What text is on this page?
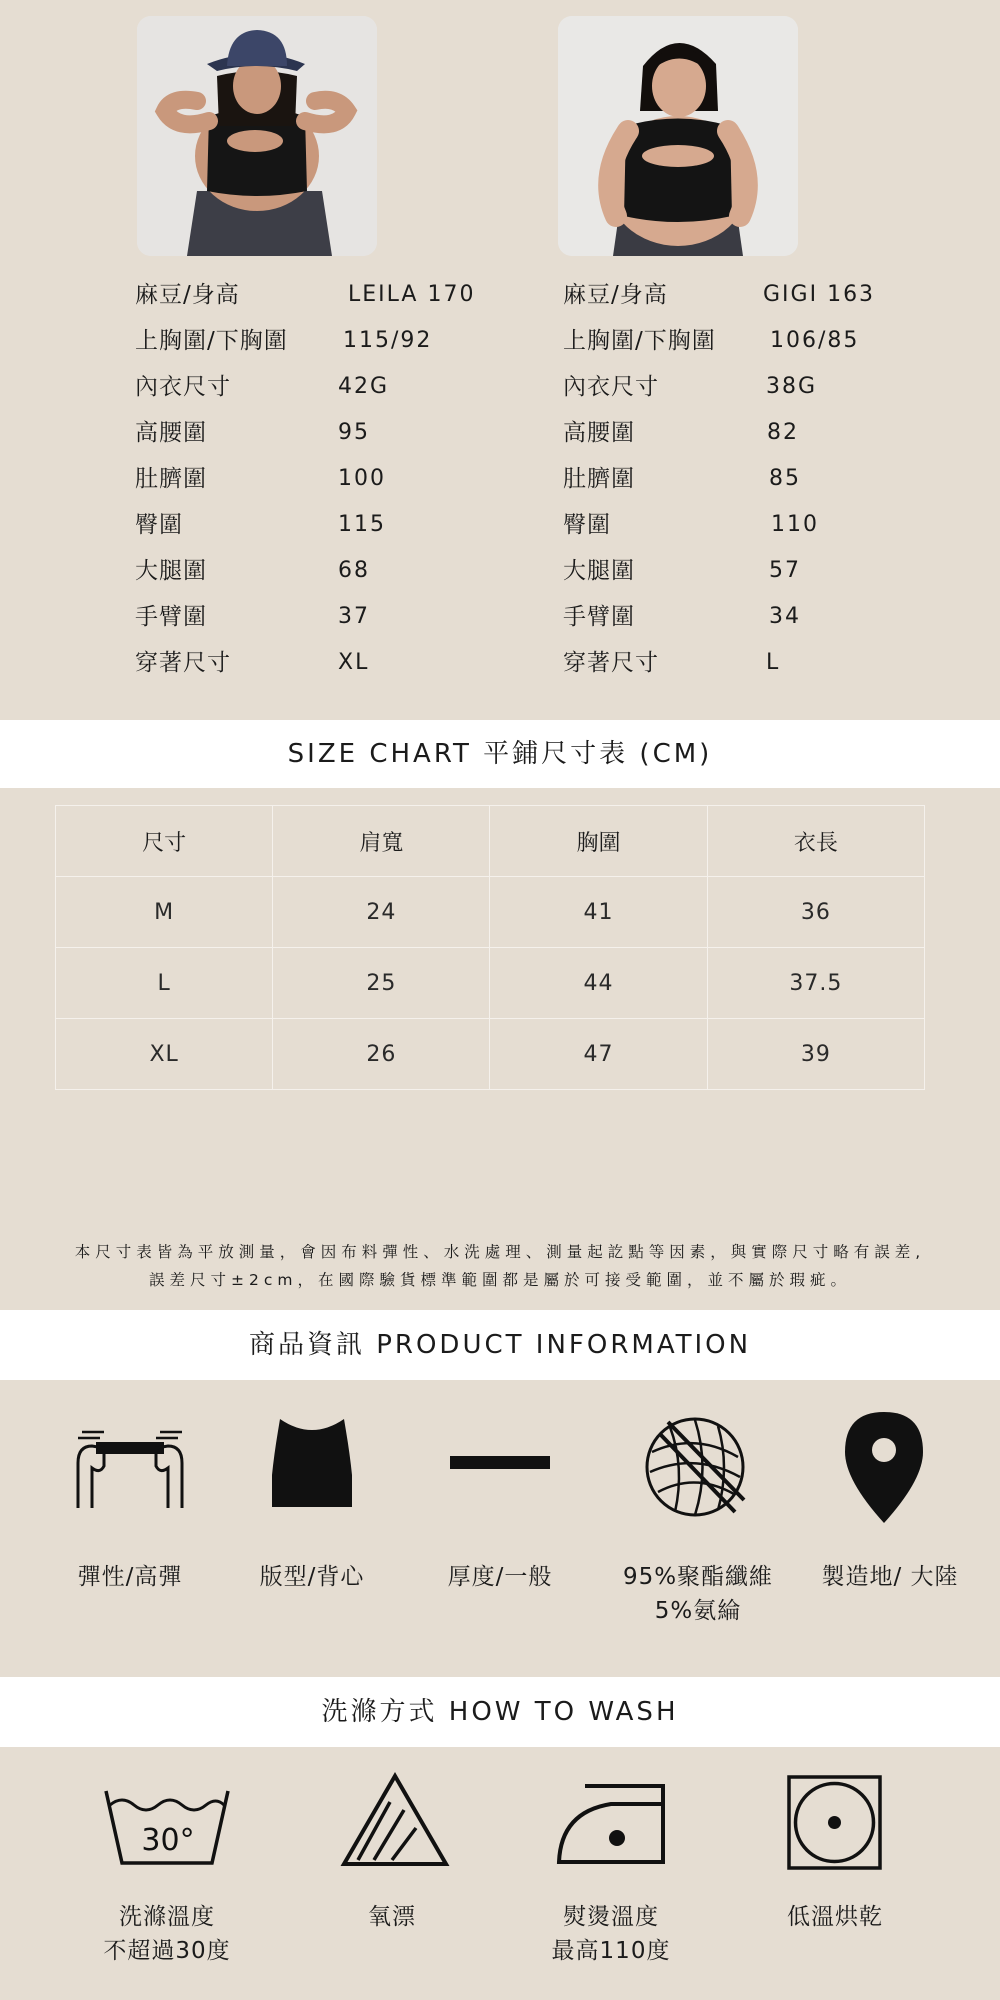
麻豆/身高	LEILA 170
上胸圍/下胸圍	115/92
內衣尺寸	42G
高腰圍	95
肚臍圍	100
臀圍	115
大腿圍	68
手臂圍	37
穿著尺寸	XL
麻豆/身高	GIGI 163
上胸圍/下胸圍 106/85
內衣尺寸	38G
高腰圍	82
肚臍圍	85
臀圍	110
大腿圍	57
手臂圍	34
穿著尺寸	L
SIZE CHART 平鋪尺寸表 (CM)
尺寸	肩寬	胸圍	衣長
M	24	41	36
L	25	44	37.5
XL	26	47	39
本尺寸表皆為平放測量，會因布料彈性、水洗處理、測量起訖點等因素，與實際尺寸略有誤差,
誤差尺寸±2cm，在國際驗貨標準範圍都是屬於可接受範圍，並不屬於瑕疵。
商品資訊 PRODUCT INFORMATION
彈性/高彈	版型/背心	厚度/一般	95%聚酯纖維
5%氨綸
製造地/ 大陸
洗滌方式 HOW TO WASH
30°
洗滌溫度
不超過30度
氧漂	熨燙溫度
最高110度
低溫烘乾
